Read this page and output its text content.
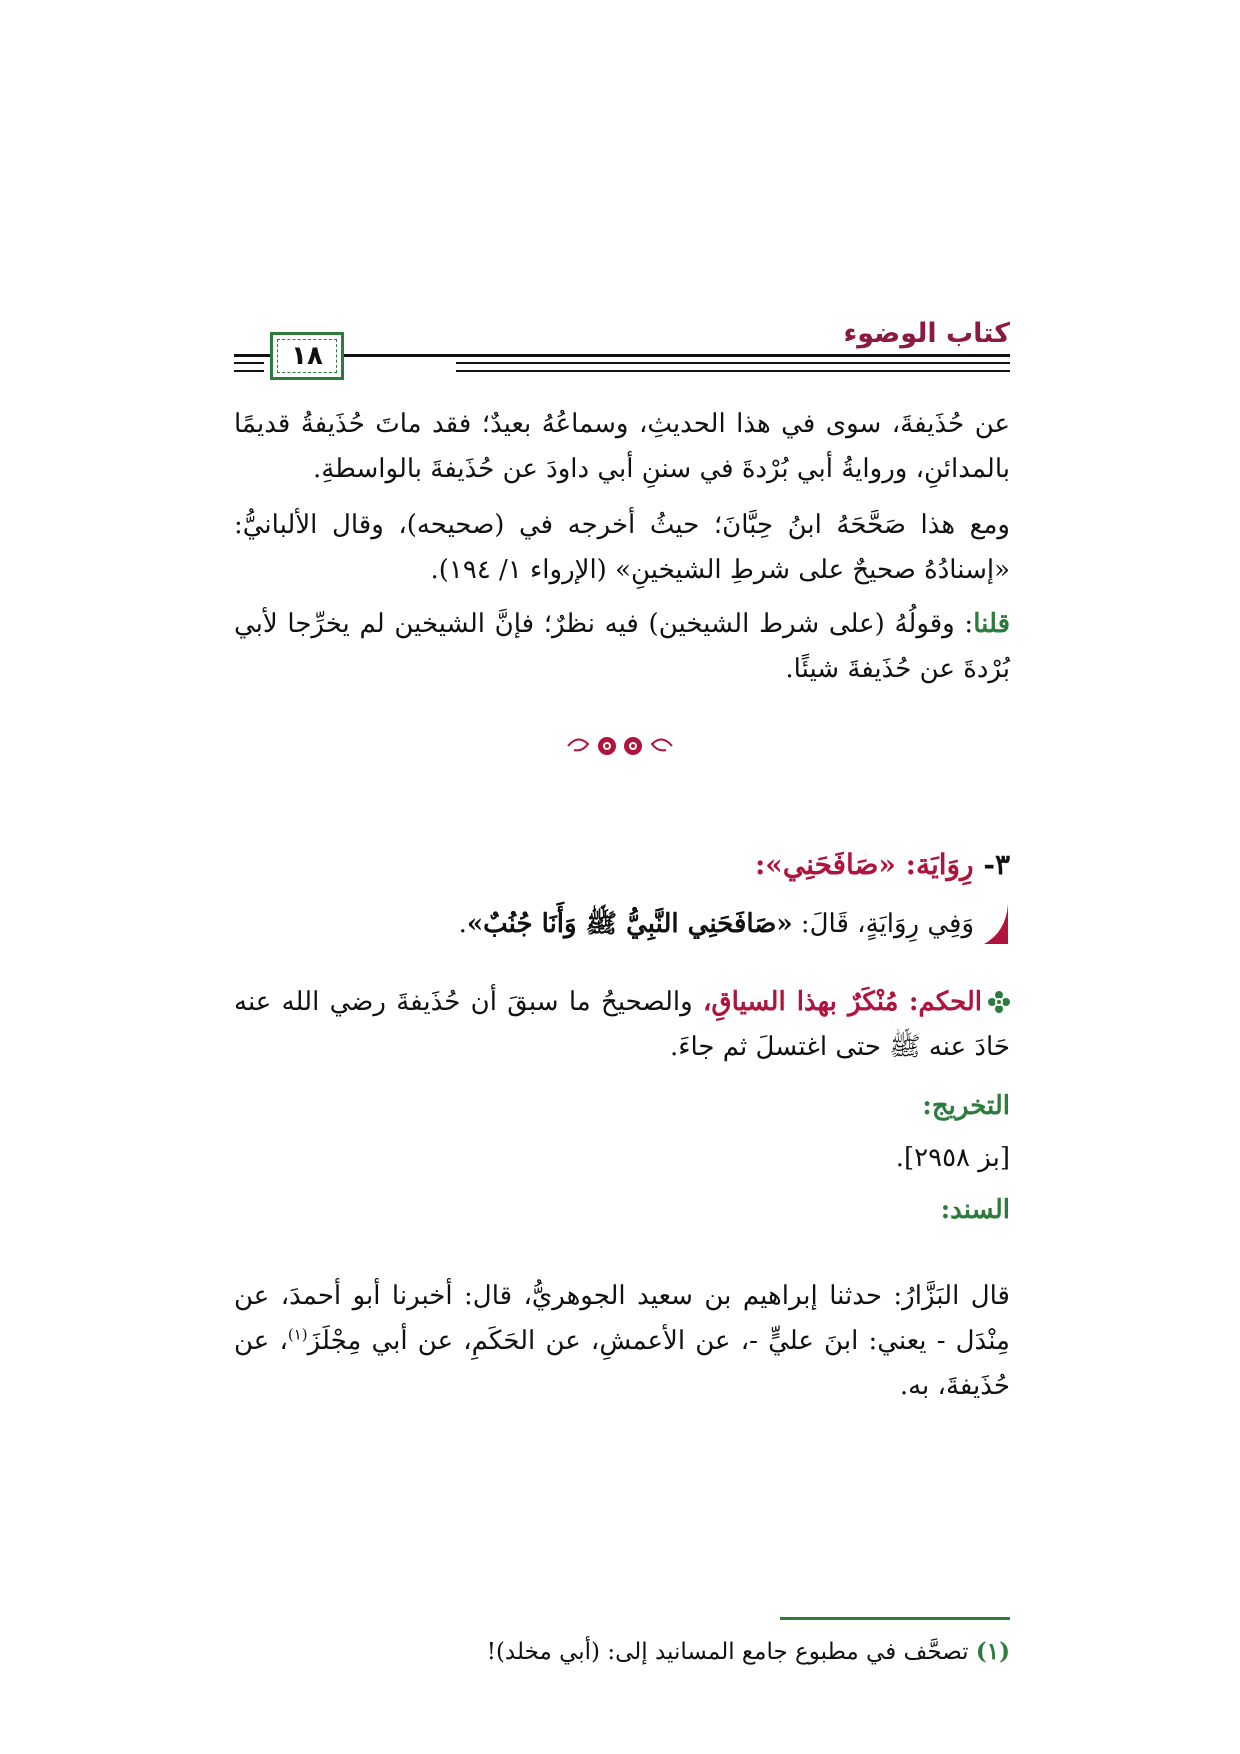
كتاب الوضوء
١٨

عن حُذَيفةَ، سوى في هذا الحديثِ، وسماعُهُ بعيدٌ؛ فقد ماتَ حُذَيفةُ قديمًا بالمدائنِ، وروايةُ أبي بُرْدةَ في سننِ أبي داودَ عن حُذَيفةَ بالواسطةِ.

ومع هذا صَحَّحَهُ ابنُ حِبَّانَ؛ حيثُ أخرجه في (صحيحه)، وقال الألبانيُّ: «إسنادُهُ صحيحٌ على شرطِ الشيخينِ» (الإرواء ١/ ١٩٤).

قلنا: وقولُهُ (على شرط الشيخين) فيه نظرٌ؛ فإنَّ الشيخين لم يخرِّجا لأبي بُرْدةَ عن حُذَيفةَ شيئًا.

٣- رِوَايَة: «صَافَحَنِي»:

وَفِي رِوَايَةٍ، قَالَ: «صَافَحَنِي النَّبِيُّ ﷺ وَأَنَا جُنُبٌ».

الحكم: مُنْكَرٌ بهذا السياقِ، والصحيحُ ما سبقَ أن حُذَيفةَ رضي الله عنه حَادَ عنه ﷺ حتى اغتسلَ ثم جاءَ.

التخريج:

[بز ٢٩٥٨].

السند:

قال البَزَّارُ: حدثنا إبراهيم بن سعيد الجوهريُّ، قال: أخبرنا أبو أحمدَ، عن مِنْدَل - يعني: ابنَ عليٍّ -، عن الأعمشِ، عن الحَكَمِ، عن أبي مِجْلَزَ$^{(١)}$، عن حُذَيفةَ، به.

(١) تصحَّف في مطبوع جامع المسانيد إلى: (أبي مخلد)!
